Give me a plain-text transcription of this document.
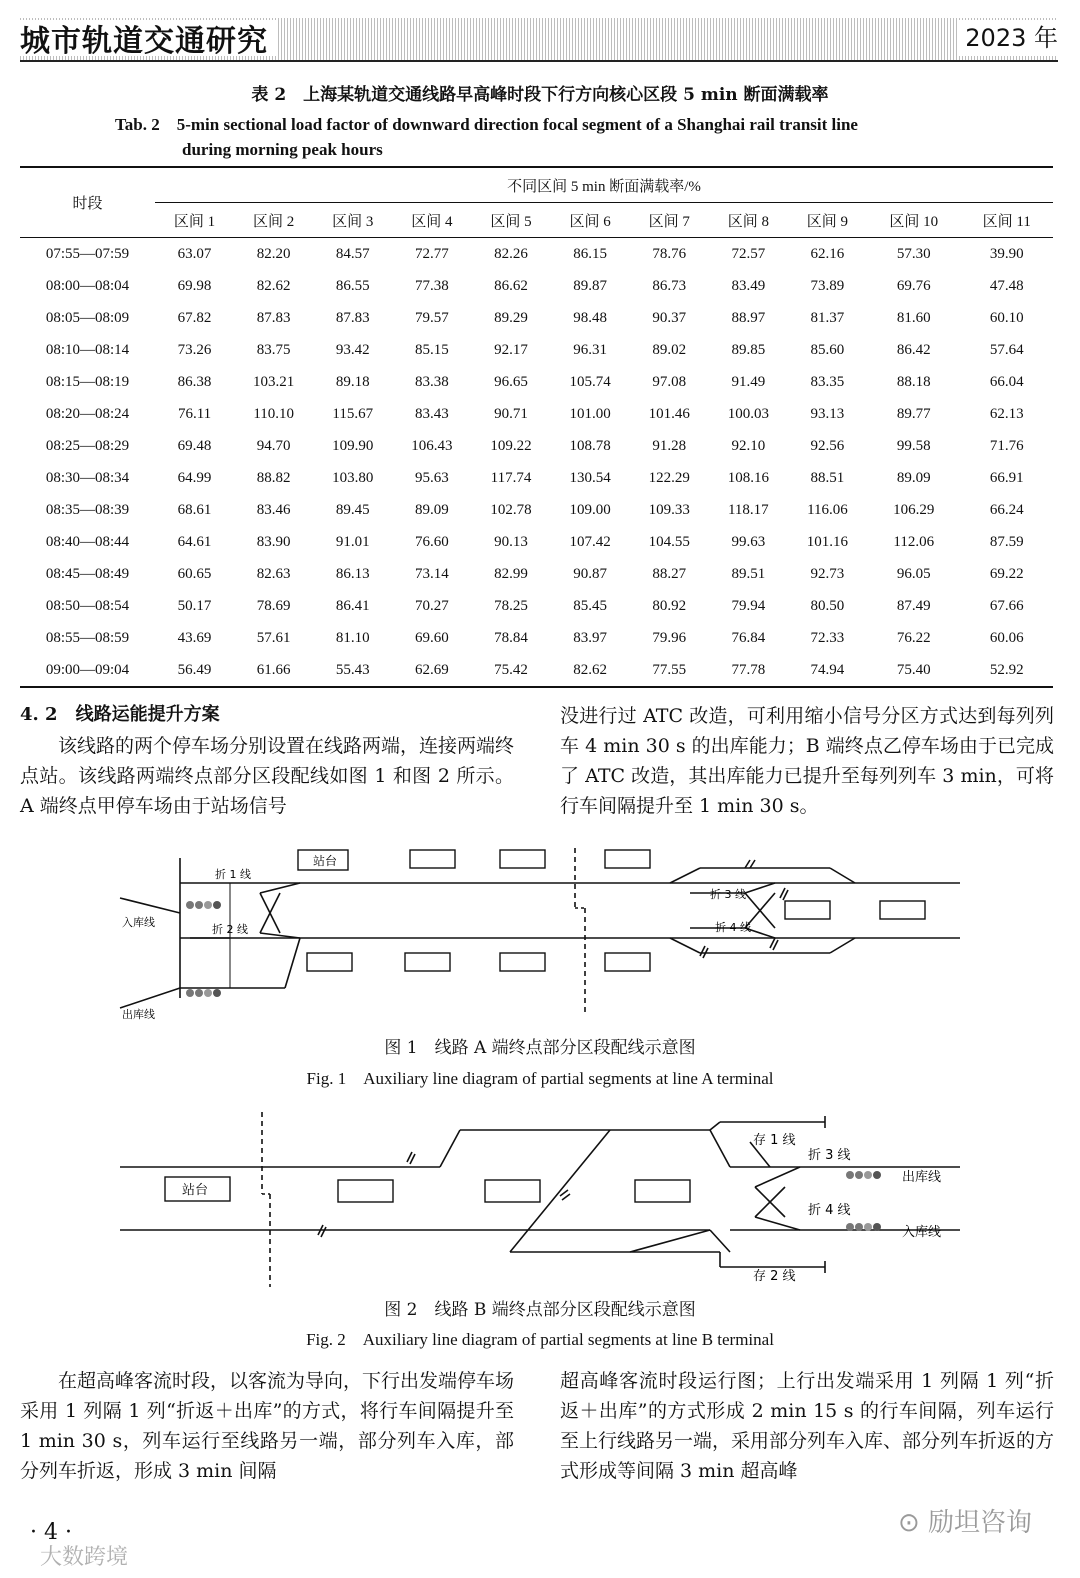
城市轨道交通研究	2023 年
表 2　上海某轨道交通线路早高峰时段下行方向核心区段 5 min 断面满载率
Tab. 2　5-min sectional load factor of downward direction focal segment of a Shanghai rail transit line
during morning peak hours
时段	不同区间 5 min 断面满载率/%										
	区间 1	区间 2	区间 3	区间 4	区间 5	区间 6	区间 7	区间 8	区间 9	区间 10	区间 11
07:55—07:59	63.07	82.20	84.57	72.77	82.26	86.15	78.76	72.57	62.16	57.30	39.90
08:00—08:04	69.98	82.62	86.55	77.38	86.62	89.87	86.73	83.49	73.89	69.76	47.48
08:05—08:09	67.82	87.83	87.83	79.57	89.29	98.48	90.37	88.97	81.37	81.60	60.10
08:10—08:14	73.26	83.75	93.42	85.15	92.17	96.31	89.02	89.85	85.60	86.42	57.64
08:15—08:19	86.38	103.21	89.18	83.38	96.65	105.74	97.08	91.49	83.35	88.18	66.04
08:20—08:24	76.11	110.10	115.67	83.43	90.71	101.00	101.46	100.03	93.13	89.77	62.13
08:25—08:29	69.48	94.70	109.90	106.43	109.22	108.78	91.28	92.10	92.56	99.58	71.76
08:30—08:34	64.99	88.82	103.80	95.63	117.74	130.54	122.29	108.16	88.51	89.09	66.91
08:35—08:39	68.61	83.46	89.45	89.09	102.78	109.00	109.33	118.17	116.06	106.29	66.24
08:40—08:44	64.61	83.90	91.01	76.60	90.13	107.42	104.55	99.63	101.16	112.06	87.59
08:45—08:49	60.65	82.63	86.13	73.14	82.99	90.87	88.27	89.51	92.73	96.05	69.22
08:50—08:54	50.17	78.69	86.41	70.27	78.25	85.45	80.92	79.94	80.50	87.49	67.66
08:55—08:59	43.69	57.61	81.10	69.60	78.84	83.97	79.96	76.84	72.33	76.22	60.06
09:00—09:04	56.49	61.66	55.43	62.69	75.42	82.62	77.55	77.78	74.94	75.40	52.92
4. 2　线路运能提升方案
该线路的两个停车场分别设置在线路两端，连接两端终点站。该线路两端终点部分区段配线如图 1 和图 2 所示。A 端终点甲停车场由于站场信号
没进行过 ATC 改造，可利用缩小信号分区方式达到每列列车 4 min 30 s 的出库能力；B 端终点乙停车场由于已完成了 ATC 改造，其出库能力已提升至每列列车 3 min，可将行车间隔提升至 1 min 30 s。
站台
折 1 线
折 2 线
折 3 线
折 4 线
入库线
出库线
图 1　线路 A 端终点部分区段配线示意图
Fig. 1　Auxiliary line diagram of partial segments at line A terminal
站台
存 1 线
存 2 线
折 3 线
折 4 线
出库线
入库线
图 2　线路 B 端终点部分区段配线示意图
Fig. 2　Auxiliary line diagram of partial segments at line B terminal
在超高峰客流时段，以客流为导向，下行出发端停车场采用 1 列隔 1 列“折返＋出库”的方式，将行车间隔提升至 1 min 30 s，列车运行至线路另一端，部分列车入库，部分列车折返，形成 3 min 间隔
超高峰客流时段运行图；上行出发端采用 1 列隔 1 列“折返＋出库”的方式形成 2 min 15 s 的行车间隔，列车运行至上行线路另一端，采用部分列车入库、部分列车折返的方式形成等间隔 3 min 超高峰
· 4 ·	⊙ 励坦咨询
大数跨境
